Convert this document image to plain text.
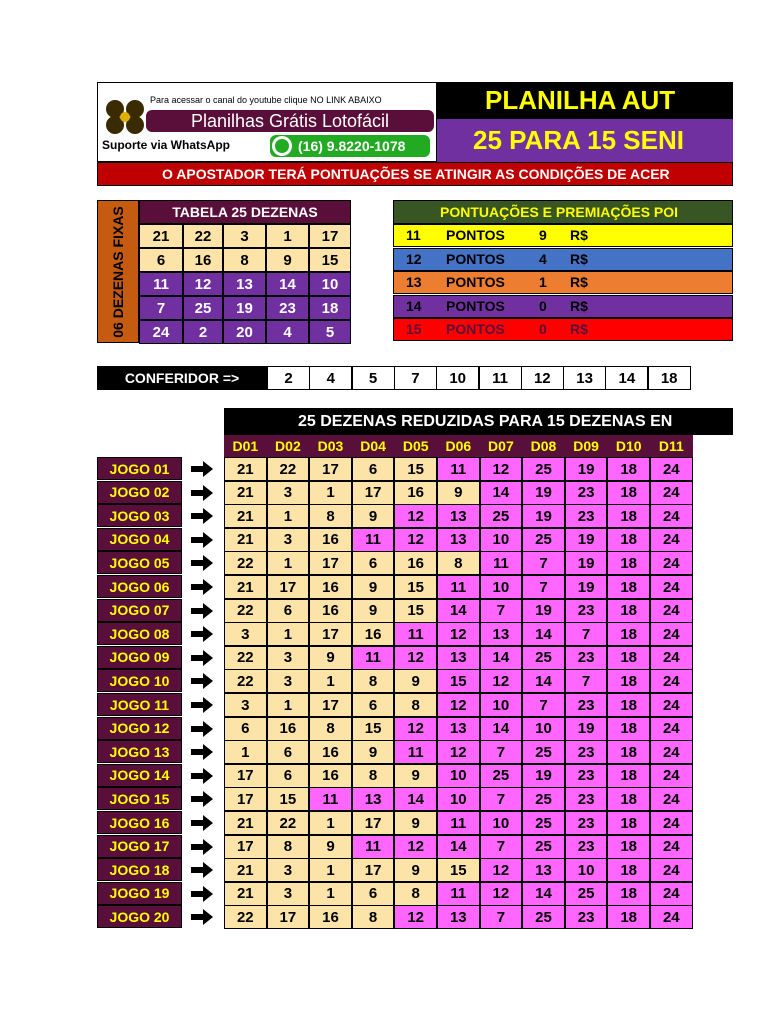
Para acessar o canal do youtube clique NO LINK ABAIXO
Planilhas Grátis Lotofácil
Suporte via WhatsApp	(16) 9.8220-1078
PLANILHA AUT
25 PARA 15 SENI
O APOSTADOR TERÁ PONTUAÇÕES SE ATINGIR AS CONDIÇÕES DE ACER
06 DEZENAS FIXAS	TABELA 25 DEZENAS
21	22	3	1	17
6	16	8	9	15
11	12	13	14	10
7	25	19	23	18
24	2	20	4	5
PONTUAÇÕES E PREMIAÇÕES POI
11 PONTOS 9 R$
12 PONTOS 4 R$
13 PONTOS 1 R$
14 PONTOS 0 R$
15 PONTOS 0 R$
CONFERIDOR =>	2	4	5	7	10	11	12	13	14	18
25 DEZENAS REDUZIDAS PARA 15 DEZENAS EN
D01	D02	D03	D04	D05	D06	D07	D08	D09	D10	D11
JOGO 01	21	22	17	6	15	11	12	25	19	18	24
JOGO 02	21	3	1	17	16	9	14	19	23	18	24
JOGO 03	21	1	8	9	12	13	25	19	23	18	24
JOGO 04	21	3	16	11	12	13	10	25	19	18	24
JOGO 05	22	1	17	6	16	8	11	7	19	18	24
JOGO 06	21	17	16	9	15	11	10	7	19	18	24
JOGO 07	22	6	16	9	15	14	7	19	23	18	24
JOGO 08	3	1	17	16	11	12	13	14	7	18	24
JOGO 09	22	3	9	11	12	13	14	25	23	18	24
JOGO 10	22	3	1	8	9	15	12	14	7	18	24
JOGO 11	3	1	17	6	8	12	10	7	23	18	24
JOGO 12	6	16	8	15	12	13	14	10	19	18	24
JOGO 13	1	6	16	9	11	12	7	25	23	18	24
JOGO 14	17	6	16	8	9	10	25	19	23	18	24
JOGO 15	17	15	11	13	14	10	7	25	23	18	24
JOGO 16	21	22	1	17	9	11	10	25	23	18	24
JOGO 17	17	8	9	11	12	14	7	25	23	18	24
JOGO 18	21	3	1	17	9	15	12	13	10	18	24
JOGO 19	21	3	1	6	8	11	12	14	25	18	24
JOGO 20	22	17	16	8	12	13	7	25	23	18	24
